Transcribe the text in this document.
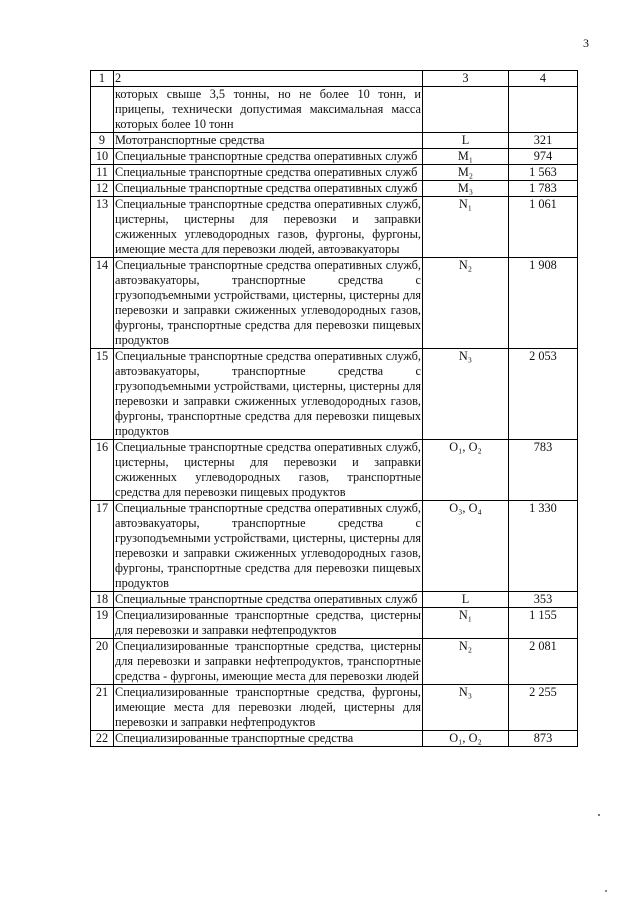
3
1	2	3	4
	которых свыше 3,5 тонны, но не более 10 тонн, и прицепы, технически допустимая максимальная масса которых более 10 тонн		
9	Мототранспортные средства	L	321
10	Специальные транспортные средства оперативных служб	M₁	974
11	Специальные транспортные средства оперативных служб	M₂	1 563
12	Специальные транспортные средства оперативных служб	M₃	1 783
13	Специальные транспортные средства оперативных служб, цистерны, цистерны для перевозки и заправки сжиженных углеводородных газов, фургоны, фургоны, имеющие места для перевозки людей, автоэвакуаторы	N₁	1 061
14	Специальные транспортные средства оперативных служб, автоэвакуаторы, транспортные средства с грузоподъемными устройствами, цистерны, цистерны для перевозки и заправки сжиженных углеводородных газов, фургоны, транспортные средства для перевозки пищевых продуктов	N₂	1 908
15	Специальные транспортные средства оперативных служб, автоэвакуаторы, транспортные средства с грузоподъемными устройствами, цистерны, цистерны для перевозки и заправки сжиженных углеводородных газов, фургоны, транспортные средства для перевозки пищевых продуктов	N₃	2 053
16	Специальные транспортные средства оперативных служб, цистерны, цистерны для перевозки и заправки сжиженных углеводородных газов, транспортные средства для перевозки пищевых продуктов	O₁, O₂	783
17	Специальные транспортные средства оперативных служб, автоэвакуаторы, транспортные средства с грузоподъемными устройствами, цистерны, цистерны для перевозки и заправки сжиженных углеводородных газов, фургоны, транспортные средства для перевозки пищевых продуктов	O₃, O₄	1 330
18	Специальные транспортные средства оперативных служб	L	353
19	Специализированные транспортные средства, цистерны для перевозки и заправки нефтепродуктов	N₁	1 155
20	Специализированные транспортные средства, цистерны для перевозки и заправки нефтепродуктов, транспортные средства - фургоны, имеющие места для перевозки людей	N₂	2 081
21	Специализированные транспортные средства, фургоны, имеющие места для перевозки людей, цистерны для перевозки и заправки нефтепродуктов	N₃	2 255
22	Специализированные транспортные средства	O₁, O₂	873
